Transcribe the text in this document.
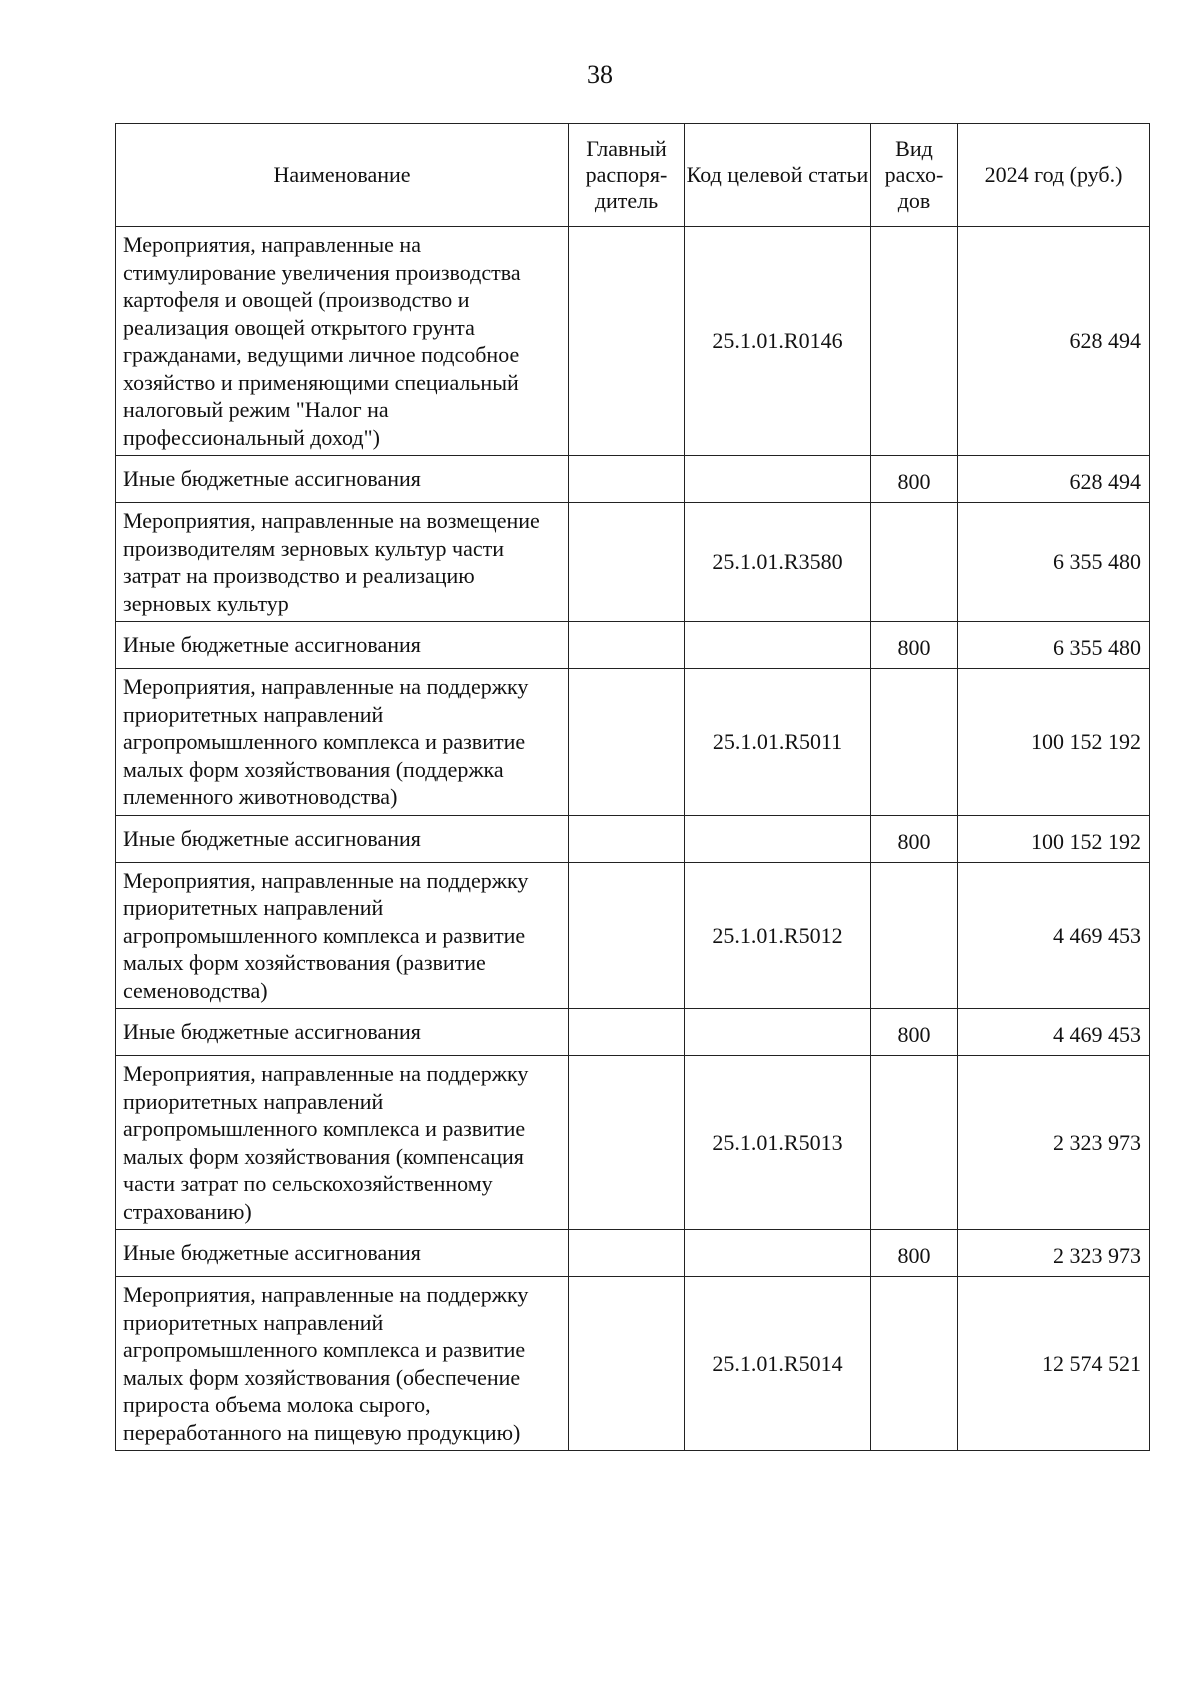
38
Наименование	Главный распоря-дитель	Код целевой статьи	Вид расхо-дов	2024 год (руб.)
Мероприятия, направленные на стимулирование увеличения производства картофеля и овощей (производство и реализация овощей открытого грунта гражданами, ведущими личное подсобное хозяйство и применяющими специальный налоговый режим "Налог на профессиональный доход")		25.1.01.R0146		628 494
Иные бюджетные ассигнования			800	628 494
Мероприятия, направленные на возмещение производителям зерновых культур части затрат на производство и реализацию зерновых культур		25.1.01.R3580		6 355 480
Иные бюджетные ассигнования			800	6 355 480
Мероприятия, направленные на поддержку приоритетных направлений агропромышленного комплекса и развитие малых форм хозяйствования (поддержка племенного животноводства)		25.1.01.R5011		100 152 192
Иные бюджетные ассигнования			800	100 152 192
Мероприятия, направленные на поддержку приоритетных направлений агропромышленного комплекса и развитие малых форм хозяйствования (развитие семеноводства)		25.1.01.R5012		4 469 453
Иные бюджетные ассигнования			800	4 469 453
Мероприятия, направленные на поддержку приоритетных направлений агропромышленного комплекса и развитие малых форм хозяйствования (компенсация части затрат по сельскохозяйственному страхованию)		25.1.01.R5013		2 323 973
Иные бюджетные ассигнования			800	2 323 973
Мероприятия, направленные на поддержку приоритетных направлений агропромышленного комплекса и развитие малых форм хозяйствования (обеспечение прироста объема молока сырого, переработанного на пищевую продукцию)		25.1.01.R5014		12 574 521
